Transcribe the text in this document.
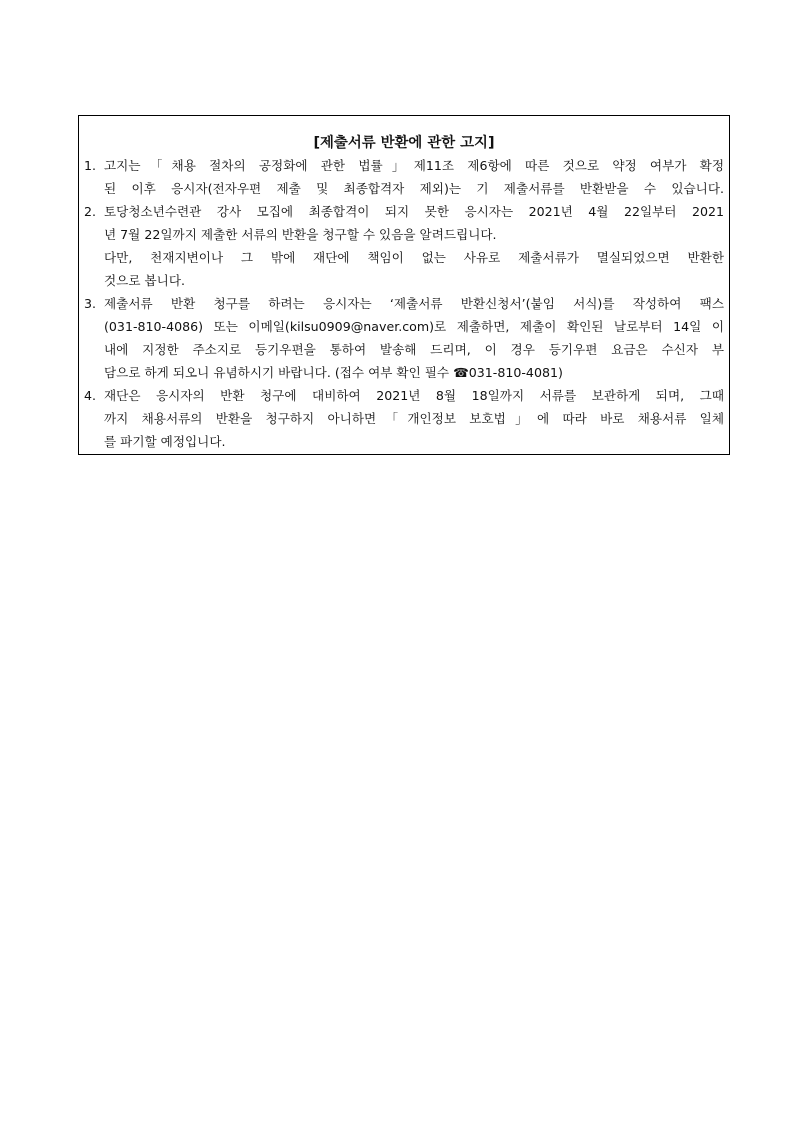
[제출서류 반환에 관한 고지]
1. 고지는「채용 절차의 공정화에 관한 법률」제11조 제6항에 따른 것으로 약정 여부가 확정
된 이후 응시자(전자우편 제출 및 최종합격자 제외)는 기 제출서류를 반환받을 수 있습니다.
2. 토당청소년수련관 강사 모집에 최종합격이 되지 못한 응시자는 2021년 4월 22일부터 2021
년 7월 22일까지 제출한 서류의 반환을 청구할 수 있음을 알려드립니다.
다만, 천재지변이나 그 밖에 재단에 책임이 없는 사유로 제출서류가 멸실되었으면 반환한
것으로 봅니다.
3. 제출서류 반환 청구를 하려는 응시자는 ‘제출서류 반환신청서’(붙임 서식)를 작성하여 팩스
(031-810-4086) 또는 이메일(kilsu0909@naver.com)로 제출하면, 제출이 확인된 날로부터 14일 이
내에 지정한 주소지로 등기우편을 통하여 발송해 드리며, 이 경우 등기우편 요금은 수신자 부
담으로 하게 되오니 유념하시기 바랍니다. (접수 여부 확인 필수 ☎031-810-4081)
4. 재단은 응시자의 반환 청구에 대비하여 2021년 8월 18일까지 서류를 보관하게 되며, 그때
까지 채용서류의 반환을 청구하지 아니하면「개인정보 보호법」에 따라 바로 채용서류 일체
를 파기할 예정입니다.
